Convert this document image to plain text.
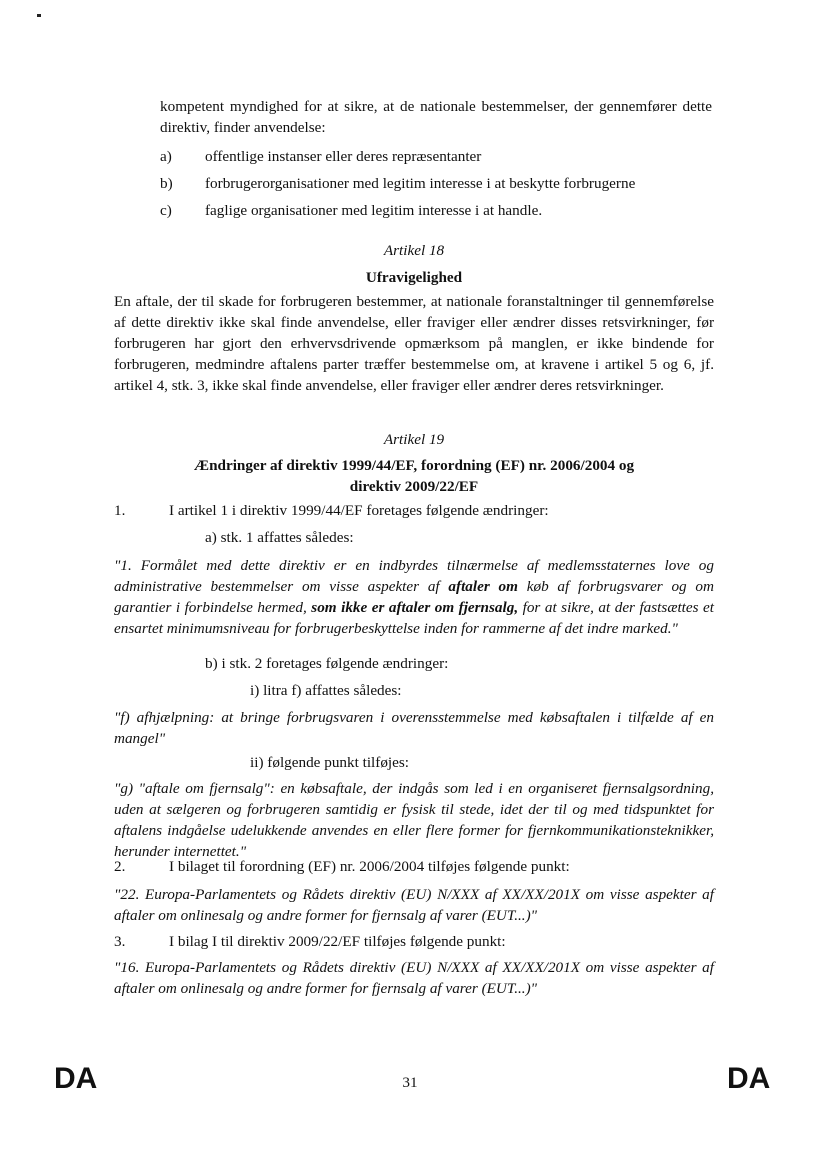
kompetent myndighed for at sikre, at de nationale bestemmelser, der gennemfører dette direktiv, finder anvendelse:

a)	offentlige instanser eller deres repræsentanter
b)	forbrugerorganisationer med legitim interesse i at beskytte forbrugerne
c)	faglige organisationer med legitim interesse i at handle.
Artikel 18
Ufravigelighed

En aftale, der til skade for forbrugeren bestemmer, at nationale foranstaltninger til gennemførelse af dette direktiv ikke skal finde anvendelse, eller fraviger eller ændrer disses retsvirkninger, før forbrugeren har gjort den erhvervsdrivende opmærksom på manglen, er ikke bindende for forbrugeren, medmindre aftalens parter træffer bestemmelse om, at kravene i artikel 5 og 6, jf. artikel 4, stk. 3, ikke skal finde anvendelse, eller fraviger eller ændrer deres retsvirkninger.

Artikel 19
Ændringer af direktiv 1999/44/EF, forordning (EF) nr. 2006/2004 og
direktiv 2009/22/EF
1.	I artikel 1 i direktiv 1999/44/EF foretages følgende ændringer:
a) stk. 1 affattes således:

"1. Formålet med dette direktiv er en indbyrdes tilnærmelse af medlemsstaternes love og administrative bestemmelser om visse aspekter af aftaler om køb af forbrugsvarer og om garantier i forbindelse hermed, som ikke er aftaler om fjernsalg, for at sikre, at der fastsættes et ensartet minimumsniveau for forbrugerbeskyttelse inden for rammerne af det indre marked."

b) i stk. 2 foretages følgende ændringer:
i) litra f) affattes således:

"f) afhjælpning: at bringe forbrugsvaren i overensstemmelse med købsaftalen i tilfælde af en mangel"

ii) følgende punkt tilføjes:

"g) "aftale om fjernsalg": en købsaftale, der indgås som led i en organiseret fjernsalgsordning, uden at sælgeren og forbrugeren samtidig er fysisk til stede, idet der til og med tidspunktet for aftalens indgåelse udelukkende anvendes en eller flere former for fjernkommunikationsteknikker, herunder internettet."

2.	I bilaget til forordning (EF) nr. 2006/2004 tilføjes følgende punkt:

"22. Europa-Parlamentets og Rådets direktiv (EU) N/XXX af XX/XX/201X om visse aspekter af aftaler om onlinesalg og andre former for fjernsalg af varer (EUT...)"

3.	I bilag I til direktiv 2009/22/EF tilføjes følgende punkt:

"16. Europa-Parlamentets og Rådets direktiv (EU) N/XXX af XX/XX/201X om visse aspekter af aftaler om onlinesalg og andre former for fjernsalg af varer (EUT...)"

DA	31	DA
